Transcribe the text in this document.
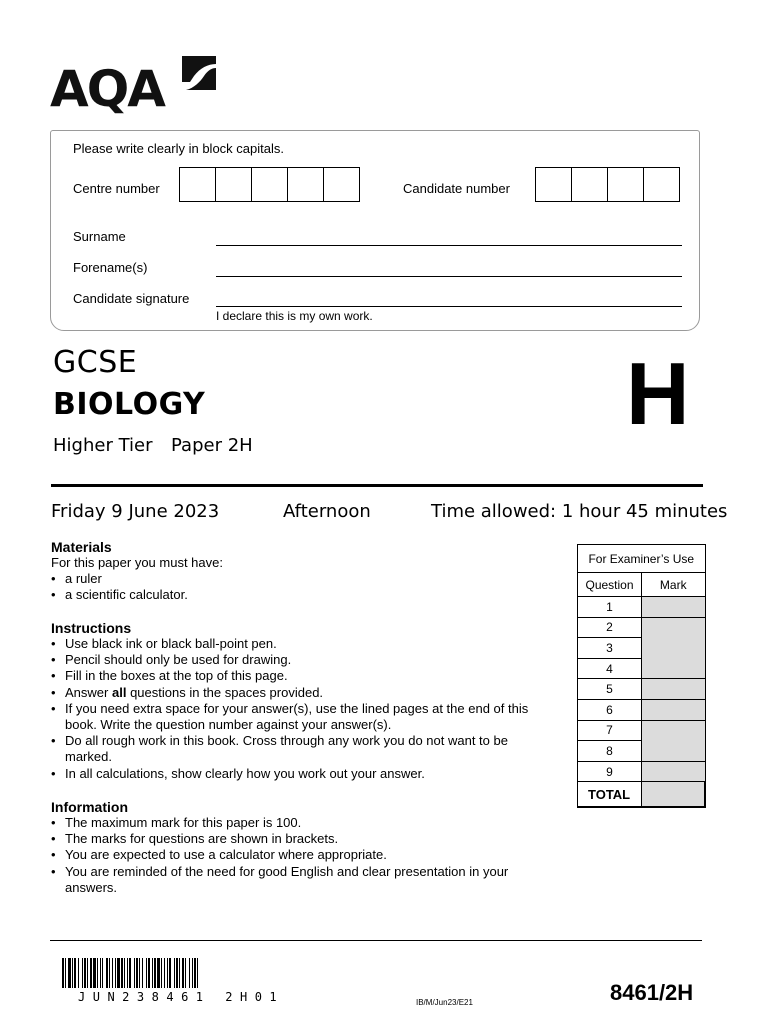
AQA
Please write clearly in block capitals.
Centre number	Candidate number
Surname
Forename(s)
Candidate signature
I declare this is my own work.
GCSE
BIOLOGY
Higher Tier Paper 2H
H
Friday 9 June 2023	Afternoon	Time allowed: 1 hour 45 minutes
Materials
For this paper you must have:
• a ruler
• a scientific calculator.
Instructions
• Use black ink or black ball-point pen.
• Pencil should only be used for drawing.
• Fill in the boxes at the top of this page.
• Answer all questions in the spaces provided.
• If you need extra space for your answer(s), use the lined pages at the end of this book. Write the question number against your answer(s).
• Do all rough work in this book. Cross through any work you do not want to be marked.
• In all calculations, show clearly how you work out your answer.
Information
• The maximum mark for this paper is 100.
• The marks for questions are shown in brackets.
• You are expected to use a calculator where appropriate.
• You are reminded of the need for good English and clear presentation in your answers.
For Examiner’s Use	
Question	Mark
1	
2	
3	
4	
5	
6	
7	
8	
9	
TOTAL	
JUN238461 2H01	IB/M/Jun23/E21	8461/2H
